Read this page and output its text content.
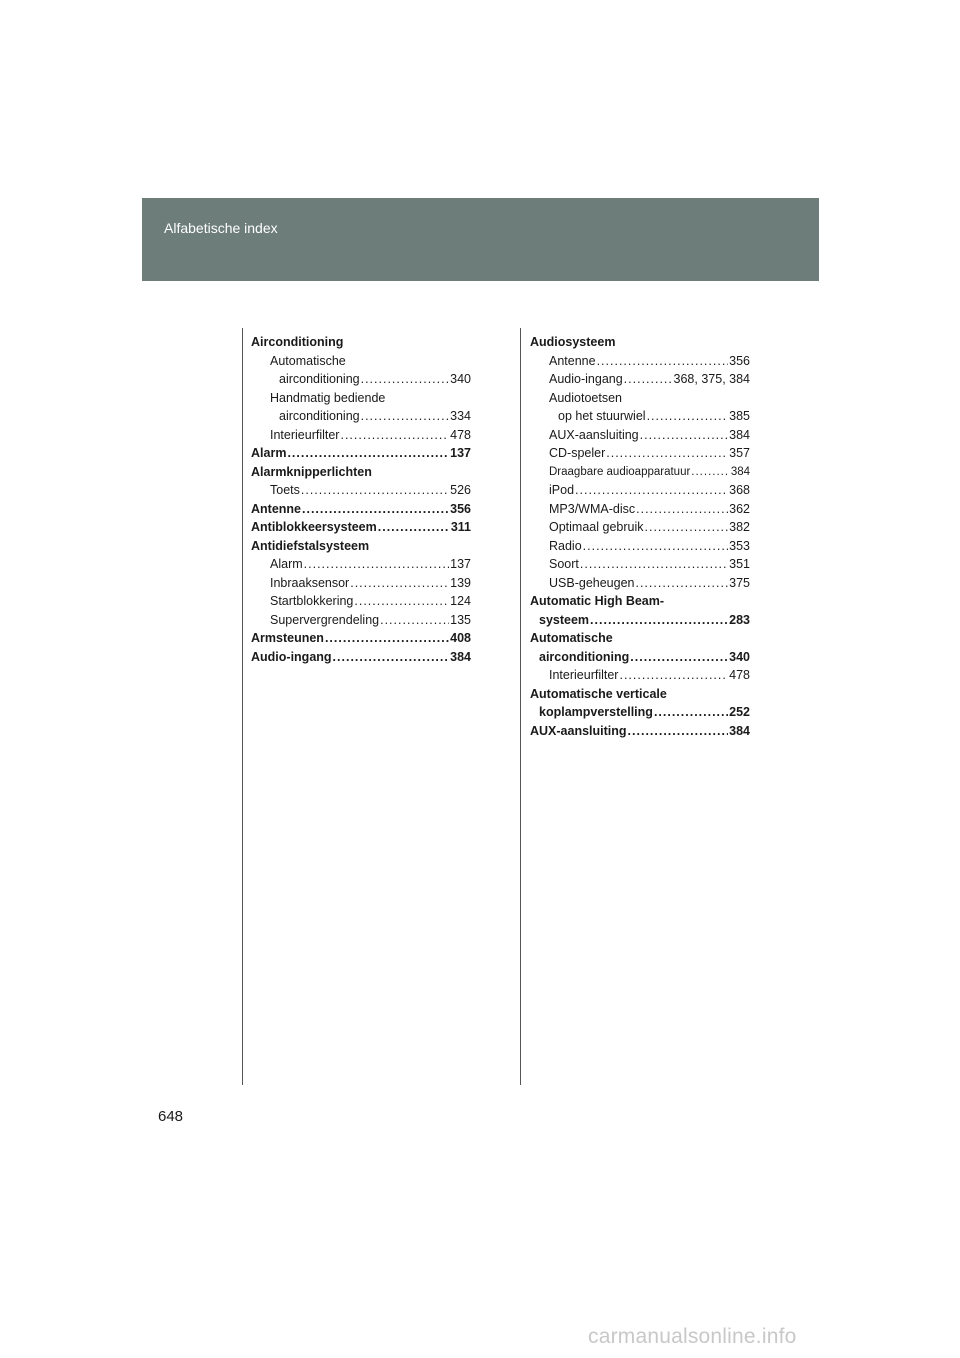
Alfabetische index
Airconditioning
Automatische
airconditioning .....	340
Handmatig bediende
airconditioning .....	334
Interieurfilter .....	478
Alarm .....	137
Alarmknipperlichten
Toets .....	526
Antenne .....	356
Antiblokkeersysteem .....	311
Antidiefstalsysteem
Alarm .....	137
Inbraaksensor .....	139
Startblokkering .....	124
Supervergrendeling .....	135
Armsteunen .....	408
Audio-ingang .....	384
Audiosysteem
Antenne .....	356
Audio-ingang .....	368, 375, 384
Audiotoetsen
op het stuurwiel .....	385
AUX-aansluiting .....	384
CD-speler .....	357
Draagbare audioapparatuur .....	384
iPod .....	368
MP3/WMA-disc .....	362
Optimaal gebruik .....	382
Radio .....	353
Soort .....	351
USB-geheugen .....	375
Automatic High Beam-
systeem .....	283
Automatische
airconditioning .....	340
Interieurfilter .....	478
Automatische verticale
koplampverstelling .....	252
AUX-aansluiting .....	384
648
carmanualsonline.info
